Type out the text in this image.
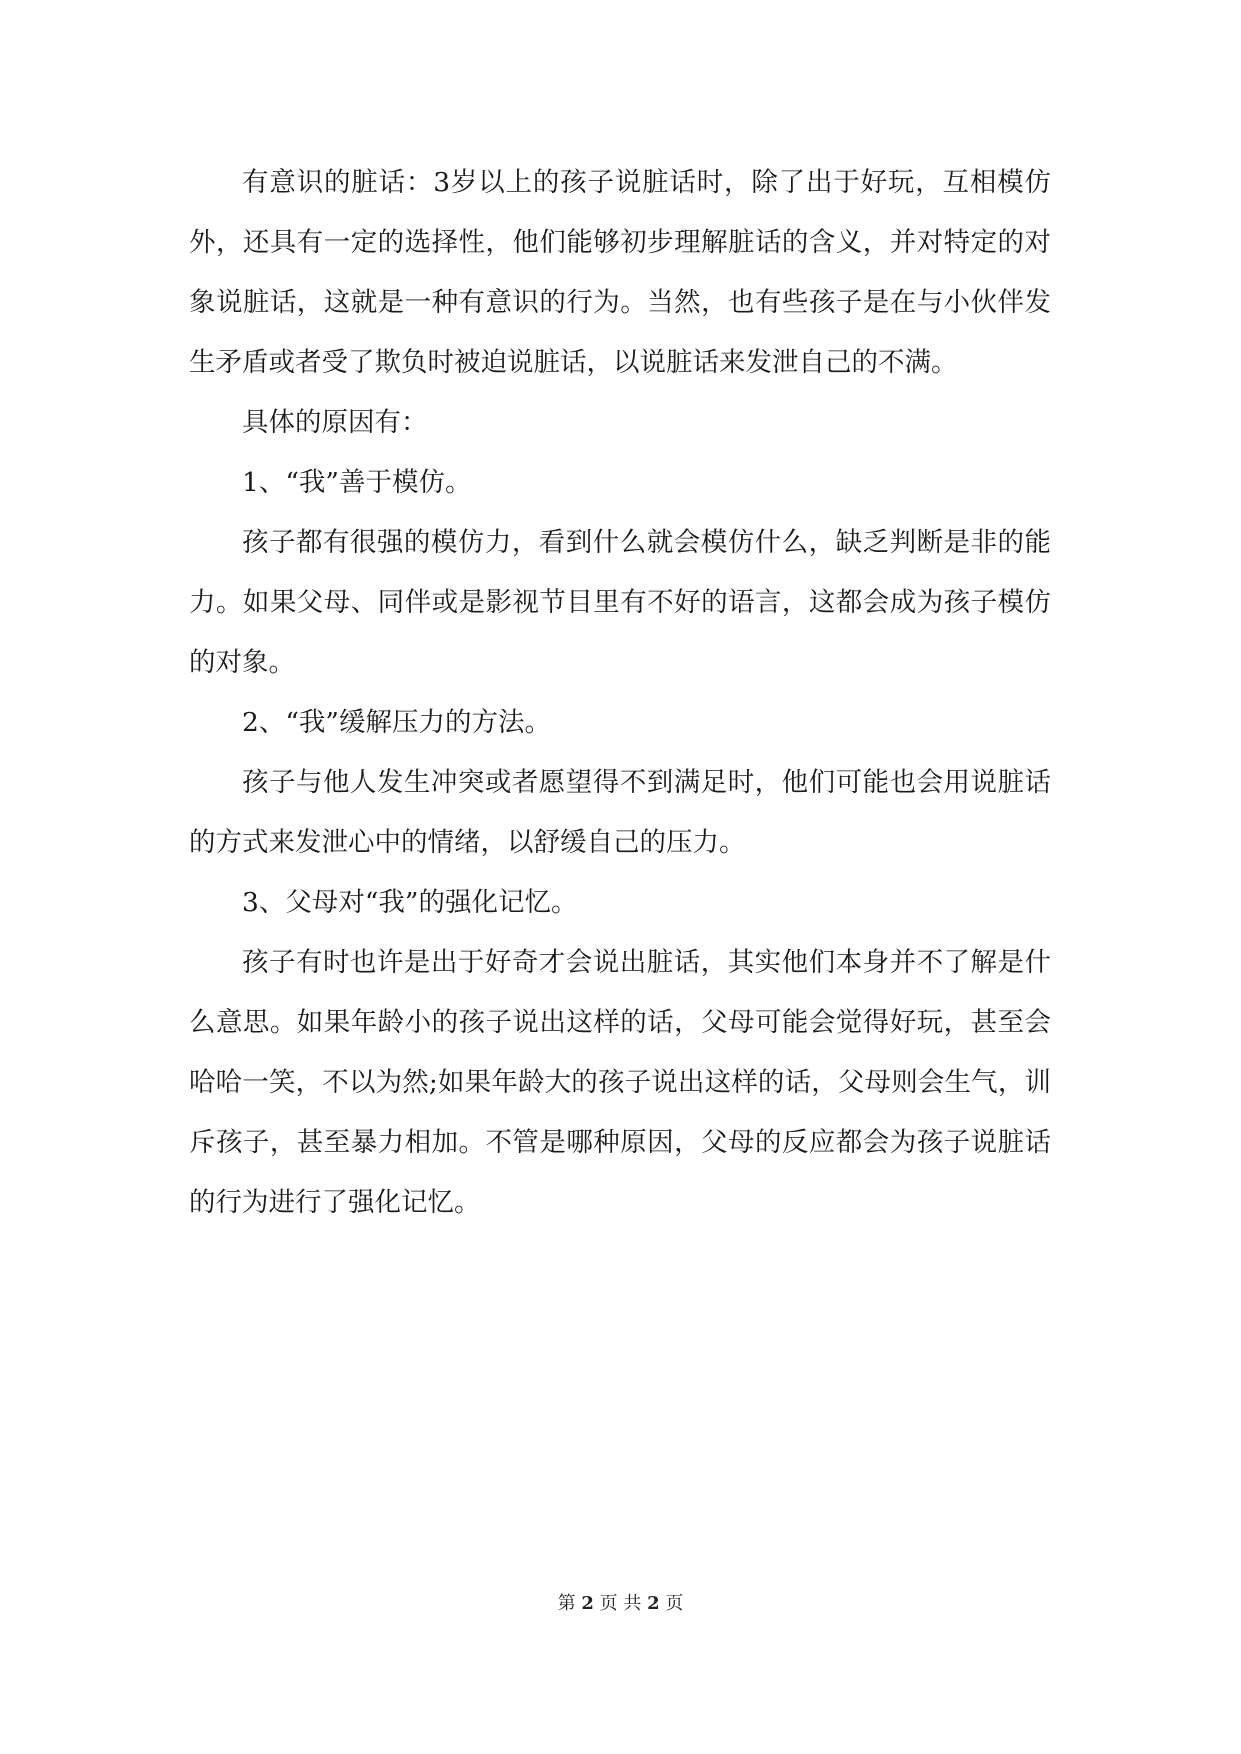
有意识的脏话：3岁以上的孩子说脏话时，除了出于好玩，互相模仿外，还具有一定的选择性，他们能够初步理解脏话的含义，并对特定的对象说脏话，这就是一种有意识的行为。当然，也有些孩子是在与小伙伴发生矛盾或者受了欺负时被迫说脏话，以说脏话来发泄自己的不满。

具体的原因有：

1、“我”善于模仿。

孩子都有很强的模仿力，看到什么就会模仿什么，缺乏判断是非的能力。如果父母、同伴或是影视节目里有不好的语言，这都会成为孩子模仿的对象。

2、“我”缓解压力的方法。

孩子与他人发生冲突或者愿望得不到满足时，他们可能也会用说脏话的方式来发泄心中的情绪，以舒缓自己的压力。

3、父母对“我”的强化记忆。

孩子有时也许是出于好奇才会说出脏话，其实他们本身并不了解是什么意思。如果年龄小的孩子说出这样的话，父母可能会觉得好玩，甚至会哈哈一笑，不以为然;如果年龄大的孩子说出这样的话，父母则会生气，训斥孩子，甚至暴力相加。不管是哪种原因，父母的反应都会为孩子说脏话的行为进行了强化记忆。

第 2 页 共 2 页
